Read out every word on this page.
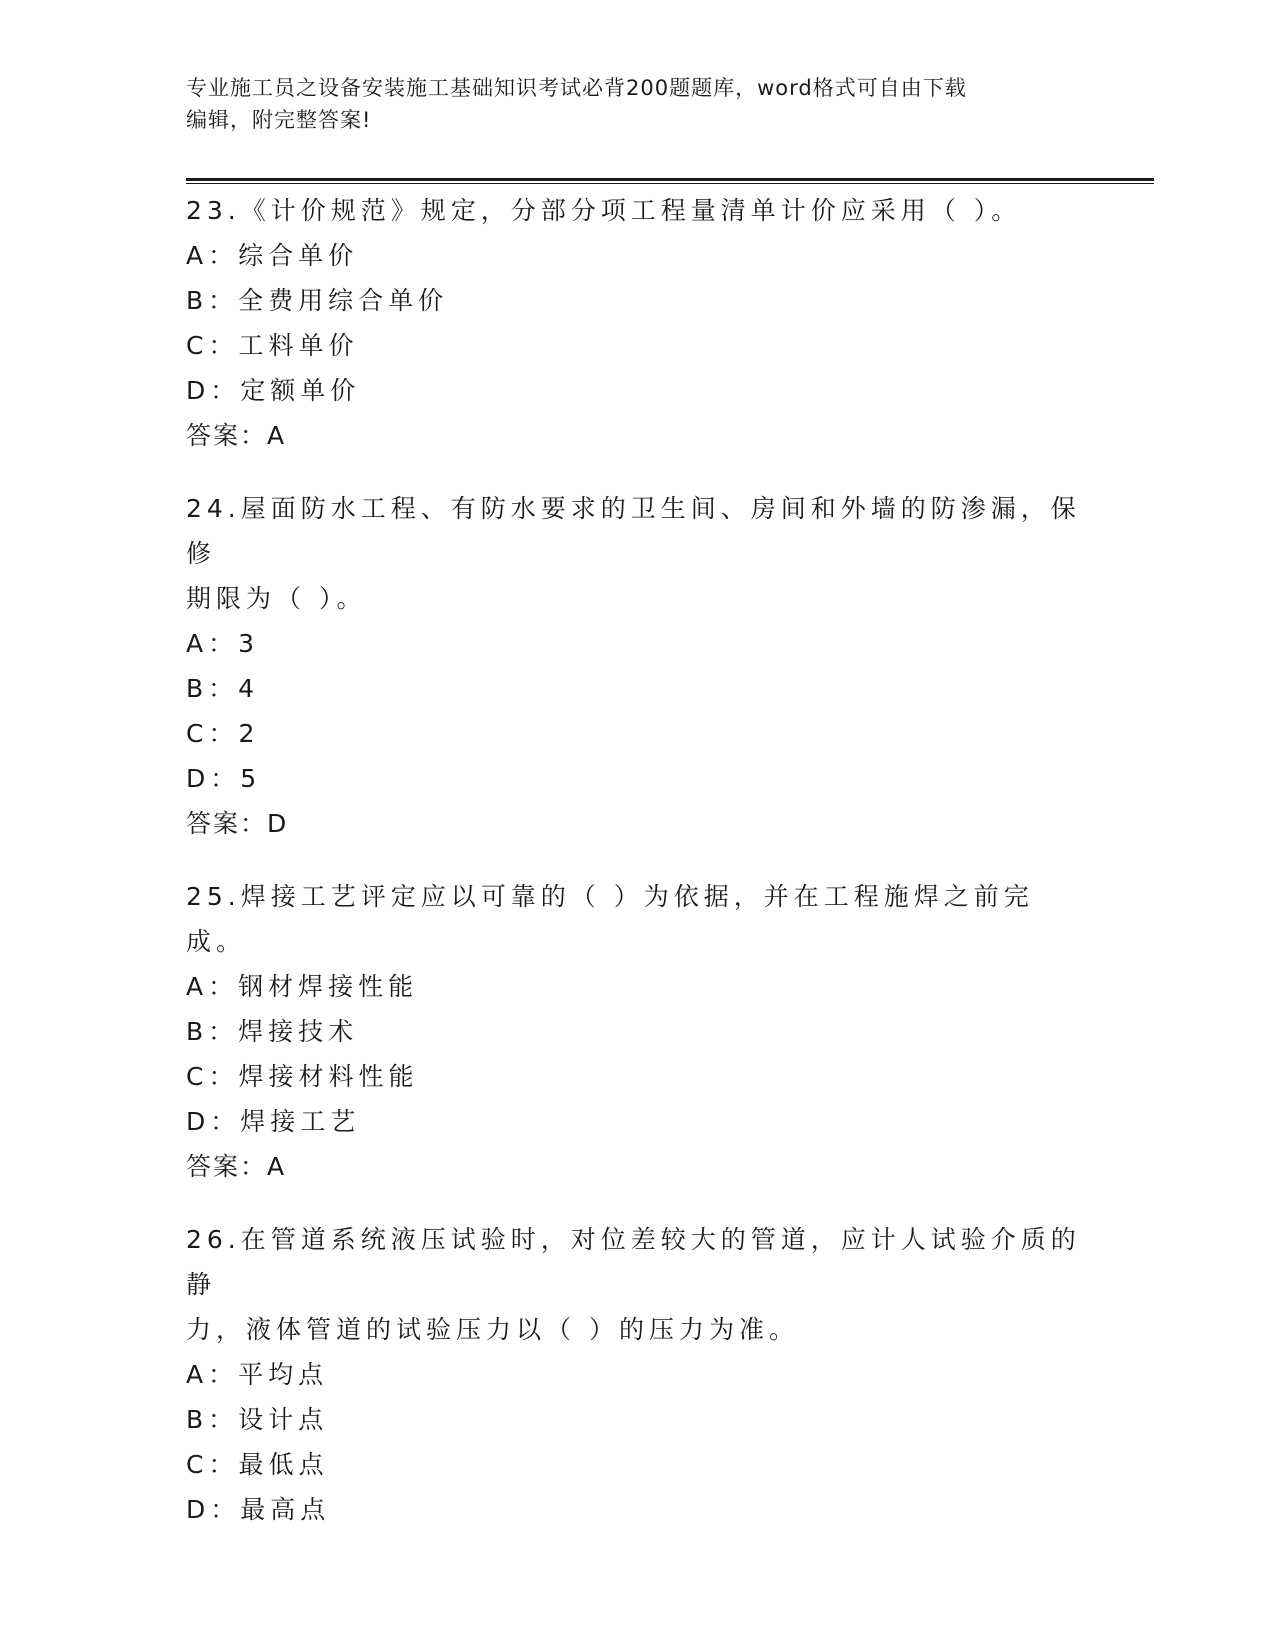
专业施工员之设备安装施工基础知识考试必背200题题库，word格式可自由下载
编辑，附完整答案!

23.《计价规范》规定，分部分项工程量清单计价应采用（ ）。

A： 综合单价
B： 全费用综合单价
C： 工料单价
D： 定额单价
答案：A

24.屋面防水工程、有防水要求的卫生间、房间和外墙的防渗漏，保修

期限为（ ）。

A： 3
B： 4
C： 2
D： 5
答案：D

25.焊接工艺评定应以可靠的（ ）为依据，并在工程施焊之前完成。

A： 钢材焊接性能
B： 焊接技术
C： 焊接材料性能
D： 焊接工艺
答案：A

26.在管道系统液压试验时，对位差较大的管道，应计人试验介质的静

力，液体管道的试验压力以（ ）的压力为准。

A： 平均点
B： 设计点
C： 最低点
D： 最高点
